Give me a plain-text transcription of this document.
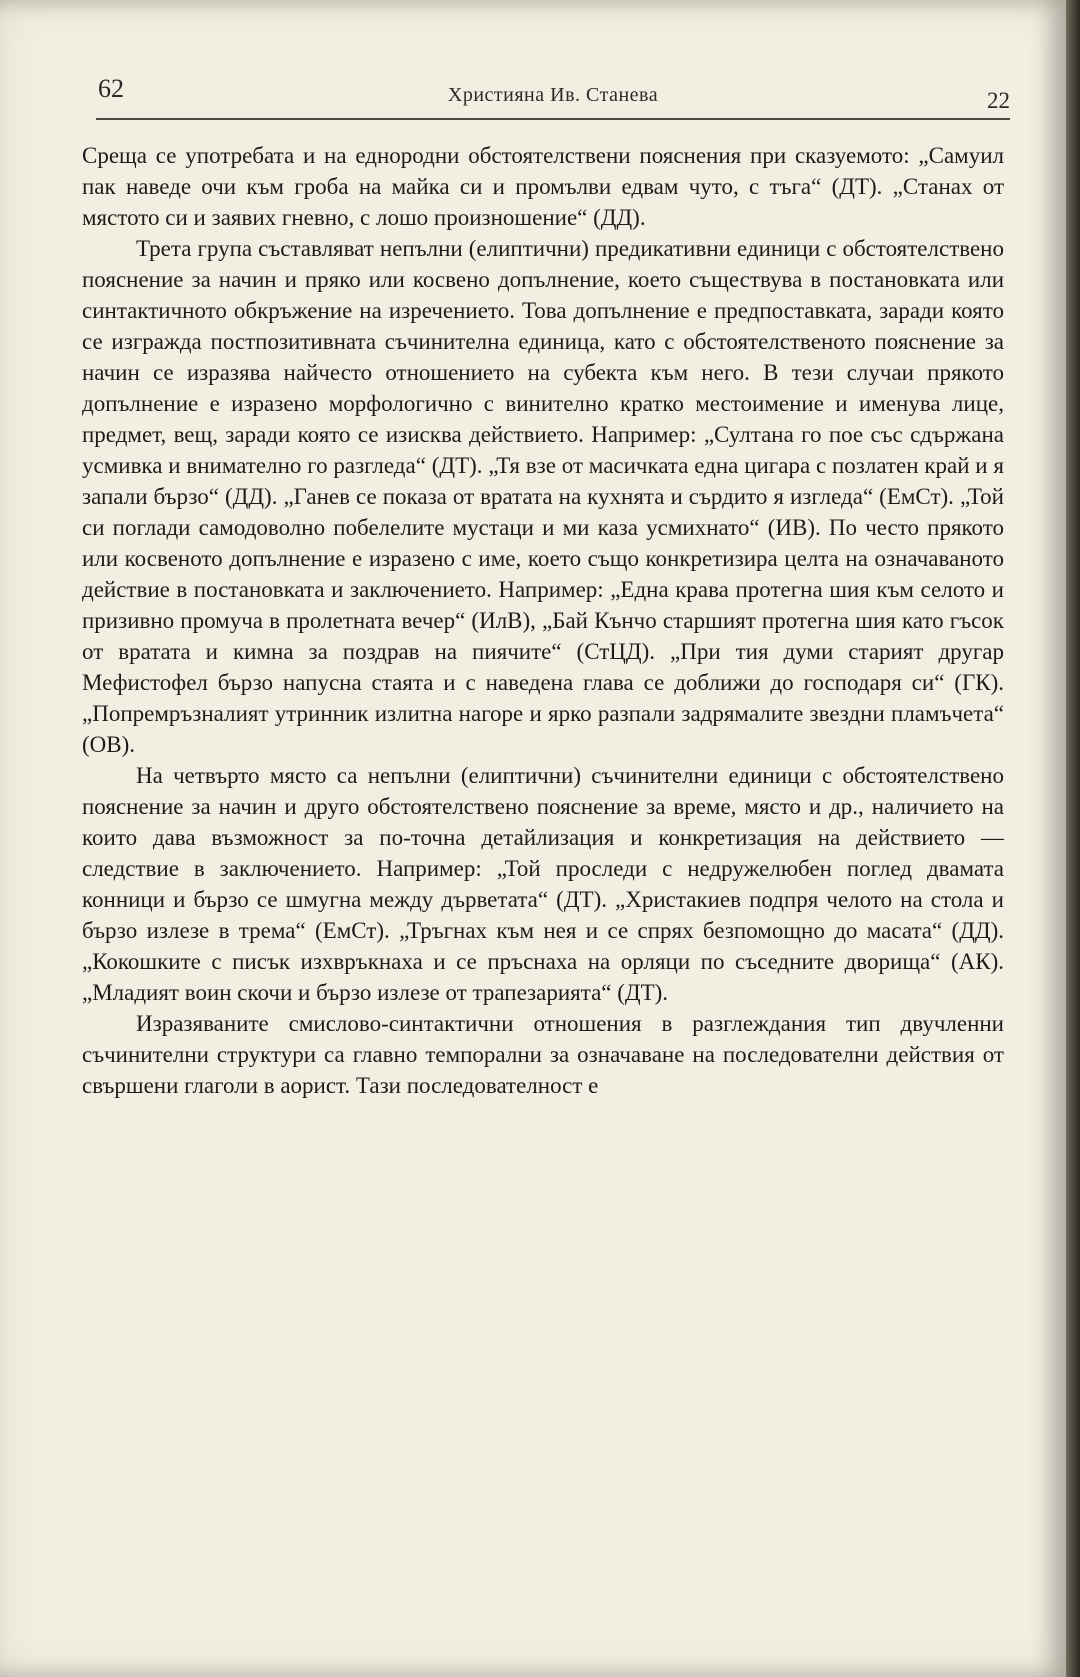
62	Християна Ив. Станева	22

Среща се употребата и на еднородни обстоятелствени пояснения при сказуемото: „Самуил пак наведе очи към гроба на майка си и промълви едвам чуто, с тъга“ (ДТ). „Станах от мястото си и заявих гневно, с лошо произношение“ (ДД).

Трета група съставляват непълни (елиптични) предикативни единици с обстоятелствено пояснение за начин и пряко или косвено допълнение, което съществува в постановката или синтактичното обкръжение на изречението. Това допълнение е предпоставката, заради която се изгражда постпозитивната съчинителна единица, като с обстоятелственото пояснение за начин се изразява найчесто отношението на субекта към него. В тези случаи прякото допълнение е изразено морфологично с винително кратко местоимение и именува лице, предмет, вещ, заради която се изисква действието. Например: „Султана го пое със сдържана усмивка и внимателно го разгледа“ (ДТ). „Тя взе от масичката една цигара с позлатен край и я запали бързо“ (ДД). „Ганев се показа от вратата на кухнята и сърдито я изгледа“ (ЕмСт). „Той си поглади самодоволно побелелите мустаци и ми каза усмихнато“ (ИВ). По често прякото или косвеното допълнение е изразено с име, което също конкретизира целта на означаваното действие в постановката и заключението. Например: „Една крава протегна шия към селото и призивно промуча в пролетната вечер“ (ИлВ), „Бай Кънчо старшият протегна шия като гъсок от вратата и кимна за поздрав на пиячите“ (СтЦД). „При тия думи старият другар Мефистофел бързо напусна стаята и с наведена глава се доближи до господаря си“ (ГК). „Попремръзналият утринник излитна нагоре и ярко разпали задрямалите звездни пламъчета“ (ОВ).

На четвърто място са непълни (елиптични) съчинителни единици с обстоятелствено пояснение за начин и друго обстоятелствено пояснение за време, място и др., наличието на които дава възможност за по-точна детайлизация и конкретизация на действието — следствие в заключението. Например: „Той проследи с недружелюбен поглед двамата конници и бързо се шмугна между дърветата“ (ДТ). „Христакиев подпря челото на стола и бързо излезе в трема“ (ЕмСт). „Тръгнах към нея и се спрях безпомощно до масата“ (ДД). „Кокошките с писък изхвръкнаха и се пръснаха на орляци по съседните дворища“ (АК). „Младият воин скочи и бързо излезе от трапезарията“ (ДТ).

Изразяваните смислово-синтактични отношения в разглеждания тип двучленни съчинителни структури са главно темпорални за означаване на последователни действия от свършени глаголи в аорист. Тази последователност е
